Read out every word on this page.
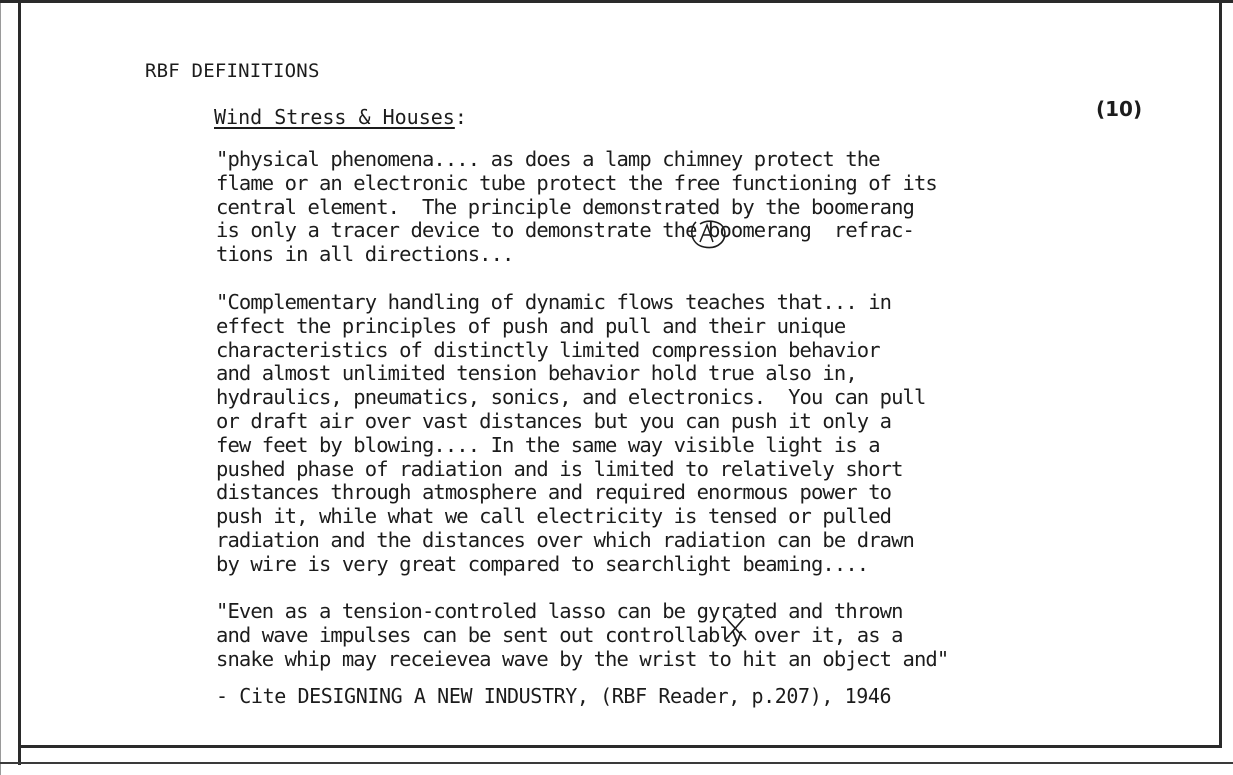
RBF DEFINITIONS
Wind Stress & Houses:	(10)
"physical phenomena.... as does a lamp chimney protect the
flame or an electronic tube protect the free functioning of its
central element.  The principle demonstrated by the boomerang
is only a tracer device to demonstrate the boomerang  refrac-
tions in all directions...
"Complementary handling of dynamic flows teaches that... in
effect the principles of push and pull and their unique
characteristics of distinctly limited compression behavior
and almost unlimited tension behavior hold true also in,
hydraulics, pneumatics, sonics, and electronics.  You can pull
or draft air over vast distances but you can push it only a
few feet by blowing.... In the same way visible light is a
pushed phase of radiation and is limited to relatively short
distances through atmosphere and required enormous power to
push it, while what we call electricity is tensed or pulled
radiation and the distances over which radiation can be drawn
by wire is very great compared to searchlight beaming....
"Even as a tension-controled lasso can be gyrated and thrown
and wave impulses can be sent out controllably over it, as a
snake whip may receievea wave by the wrist to hit an object and"
- Cite DESIGNING A NEW INDUSTRY, (RBF Reader, p.207), 1946
